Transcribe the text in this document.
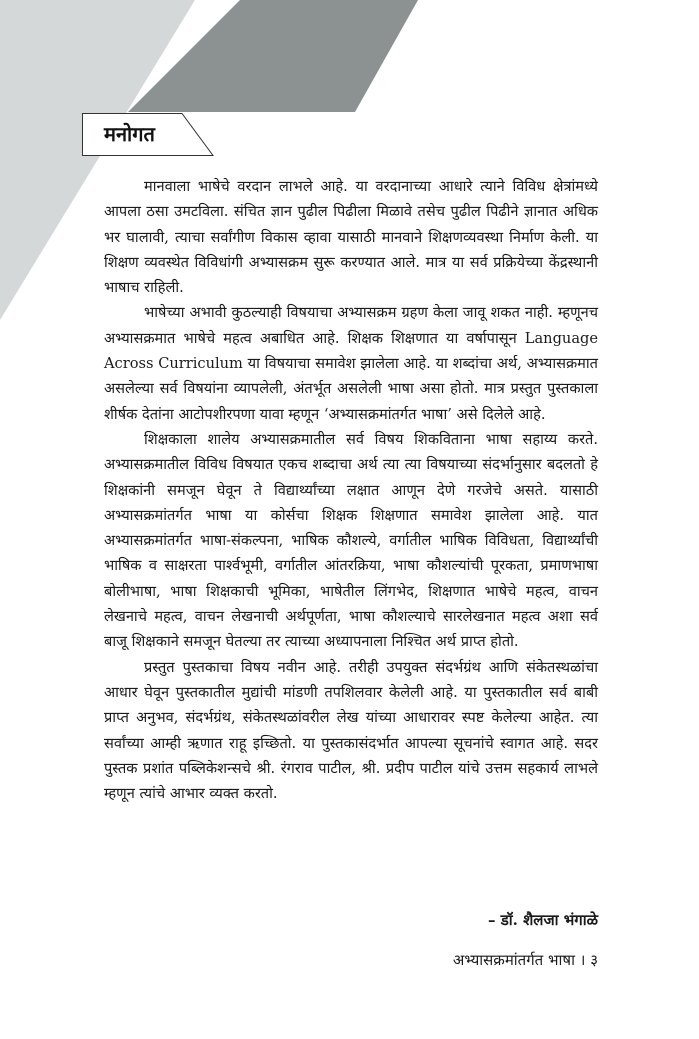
मनोगत

मानवाला भाषेचे वरदान लाभले आहे. या वरदानाच्या आधारे त्याने विविध क्षेत्रांमध्ये आपला ठसा उमटविला. संचित ज्ञान पुढील पिढीला मिळावे तसेच पुढील पिढीने ज्ञानात अधिक भर घालावी, त्याचा सर्वांगीण विकास व्हावा यासाठी मानवाने शिक्षणव्यवस्था निर्माण केली. या शिक्षण व्यवस्थेत विविधांगी अभ्यासक्रम सुरू करण्यात आले. मात्र या सर्व प्रक्रियेच्या केंद्रस्थानी भाषाच राहिली.

भाषेच्या अभावी कुठल्याही विषयाचा अभ्यासक्रम ग्रहण केला जावू शकत नाही. म्हणूनच अभ्यासक्रमात भाषेचे महत्व अबाधित आहे. शिक्षक शिक्षणात या वर्षापासून Language Across Curriculum या विषयाचा समावेश झालेला आहे. या शब्दांचा अर्थ, अभ्यासक्रमात असलेल्या सर्व विषयांना व्यापलेली, अंतर्भूत असलेली भाषा असा होतो. मात्र प्रस्तुत पुस्तकाला शीर्षक देतांना आटोपशीरपणा यावा म्हणून ‘अभ्यासक्रमांतर्गत भाषा’ असे दिलेले आहे.

शिक्षकाला शालेय अभ्यासक्रमातील सर्व विषय शिकविताना भाषा सहाय्य करते. अभ्यासक्रमातील विविध विषयात एकच शब्दाचा अर्थ त्या त्या विषयाच्या संदर्भानुसार बदलतो हे शिक्षकांनी समजून घेवून ते विद्यार्थ्यांच्या लक्षात आणून देणे गरजेचे असते. यासाठी अभ्यासक्रमांतर्गत भाषा या कोर्सचा शिक्षक शिक्षणात समावेश झालेला आहे. यात अभ्यासक्रमांतर्गत भाषा-संकल्पना, भाषिक कौशल्ये, वर्गातील भाषिक विविधता, विद्यार्थ्यांची भाषिक व साक्षरता पार्श्वभूमी, वर्गातील आंतरक्रिया, भाषा कौशल्यांची पूरकता, प्रमाणभाषा बोलीभाषा, भाषा शिक्षकाची भूमिका, भाषेतील लिंगभेद, शिक्षणात भाषेचे महत्व, वाचन लेखनाचे महत्व, वाचन लेखनाची अर्थपूर्णता, भाषा कौशल्याचे सारलेखनात महत्व अशा सर्व बाजू शिक्षकाने समजून घेतल्या तर त्याच्या अध्यापनाला निश्चित अर्थ प्राप्त होतो.

प्रस्तुत पुस्तकाचा विषय नवीन आहे. तरीही उपयुक्त संदर्भग्रंथ आणि संकेतस्थळांचा आधार घेवून पुस्तकातील मुद्यांची मांडणी तपशिलवार केलेली आहे. या पुस्तकातील सर्व बाबी प्राप्त अनुभव, संदर्भग्रंथ, संकेतस्थळांवरील लेख यांच्या आधारावर स्पष्ट केलेल्या आहेत. त्या सर्वांच्या आम्ही ऋणात राहू इच्छितो. या पुस्तकासंदर्भात आपल्या सूचनांचे स्वागत आहे. सदर पुस्तक प्रशांत पब्लिकेशन्सचे श्री. रंगराव पाटील, श्री. प्रदीप पाटील यांचे उत्तम सहकार्य लाभले म्हणून त्यांचे आभार व्यक्त करतो.

– डॉ. शैलजा भंगाळे
अभ्यासक्रमांतर्गत भाषा । ३
